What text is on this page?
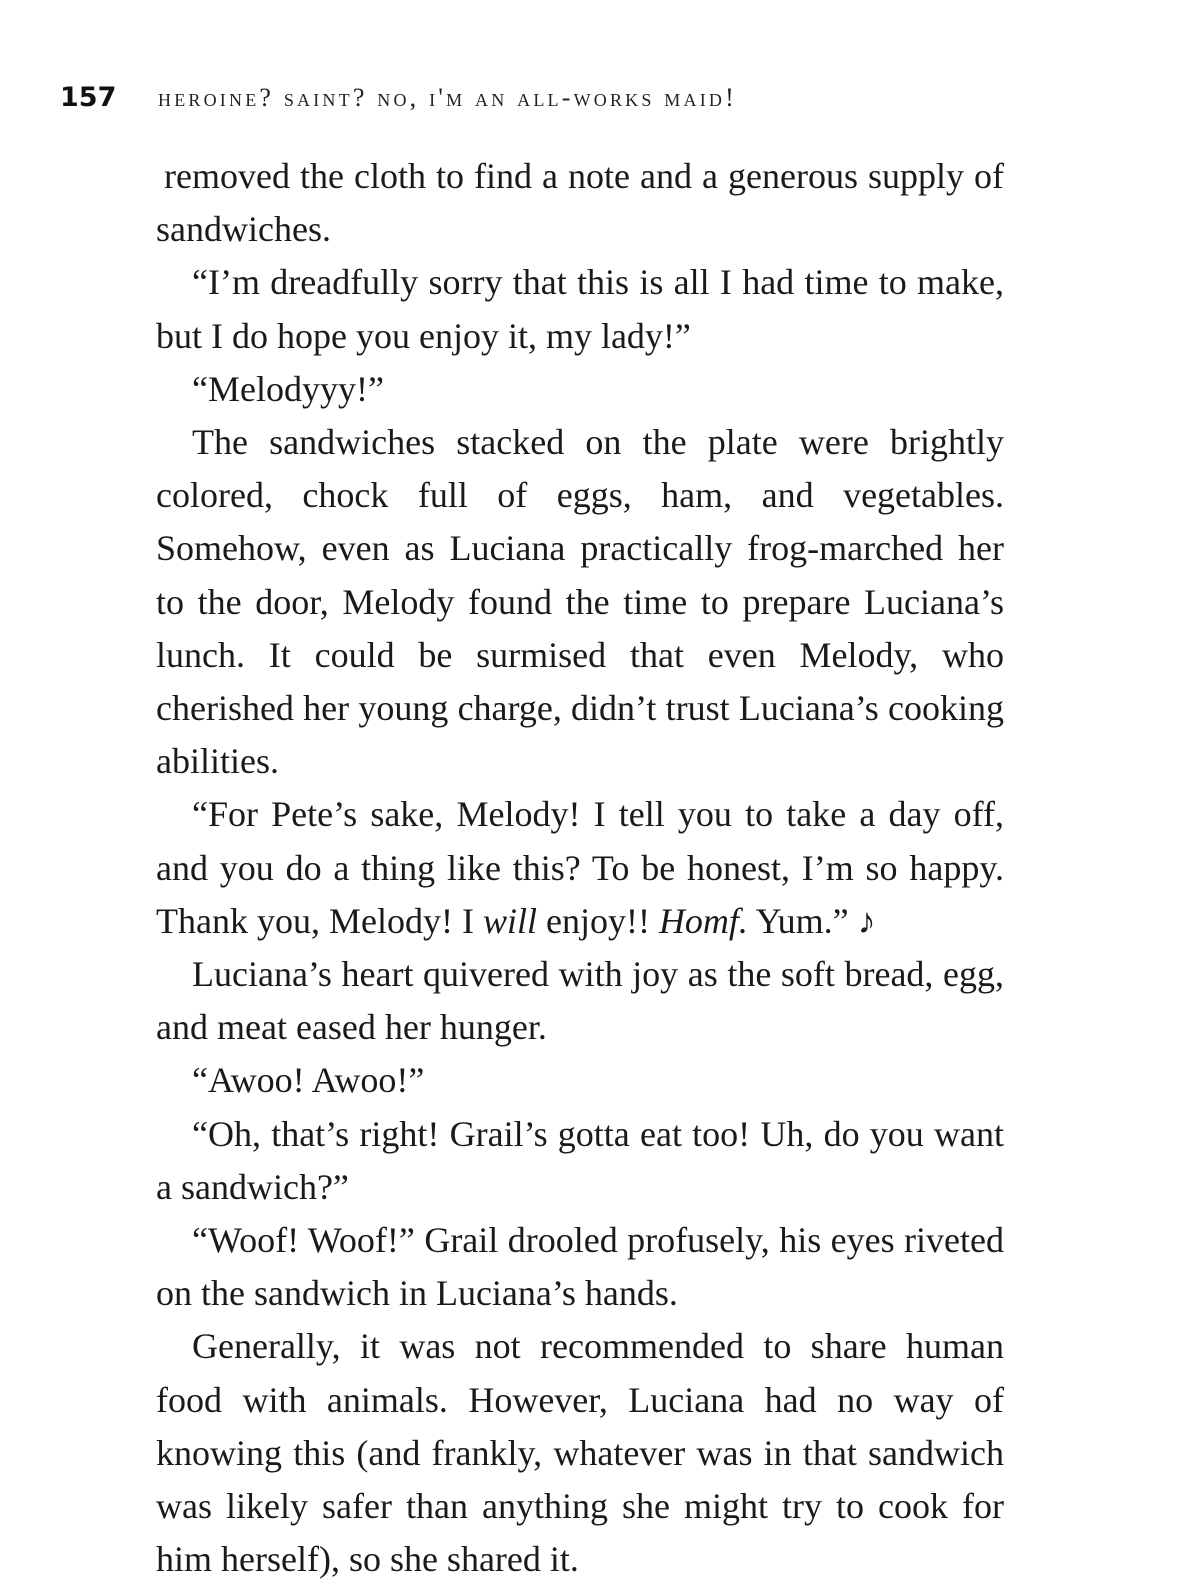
157	heroine? saint? no, i'm an all-works maid!

removed the cloth to find a note and a generous supply of sandwiches.

“I’m dreadfully sorry that this is all I had time to make, but I do hope you enjoy it, my lady!”

“Melodyyy!”

The sandwiches stacked on the plate were brightly colored, chock full of eggs, ham, and vegetables. Somehow, even as Luciana practically frog-marched her to the door, Melody found the time to prepare Luciana’s lunch. It could be surmised that even Melody, who cherished her young charge, didn’t trust Luciana’s cooking abilities.

“For Pete’s sake, Melody! I tell you to take a day off, and you do a thing like this? To be honest, I’m so happy. Thank you, Melody! I will enjoy!! Homf. Yum.” ♪

Luciana’s heart quivered with joy as the soft bread, egg, and meat eased her hunger.

“Awoo! Awoo!”

“Oh, that’s right! Grail’s gotta eat too! Uh, do you want a sandwich?”

“Woof! Woof!” Grail drooled profusely, his eyes riveted on the sandwich in Luciana’s hands.

Generally, it was not recommended to share human food with animals. However, Luciana had no way of knowing this (and frankly, whatever was in that sandwich was likely safer than anything she might try to cook for him herself), so she shared it.
